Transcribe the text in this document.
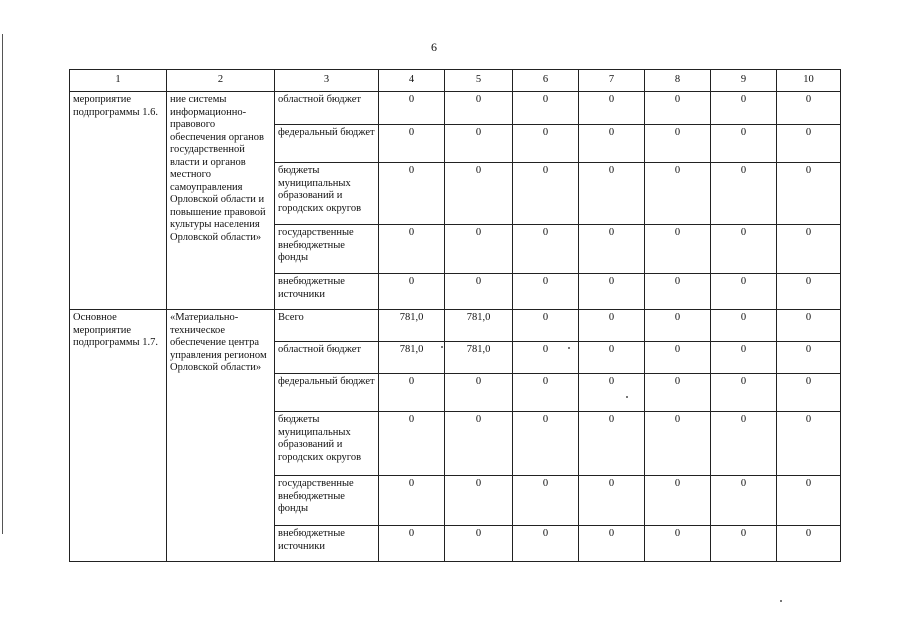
6
1	2	3	4	5	6	7	8	9	10
мероприятие подпрограммы 1.6.	ние системы информационно-правового обеспечения органов государственной власти и органов местного самоуправления Орловской области и повышение правовой культуры населения Орловской области»	областной бюджет	0	0	0	0	0	0	0
		федеральный бюджет	0	0	0	0	0	0	0
		бюджеты муниципальных образований и городских округов	0	0	0	0	0	0	0
		государственные внебюджетные фонды	0	0	0	0	0	0	0
		внебюджетные источники	0	0	0	0	0	0	0
Основное мероприятие подпрограммы 1.7.	«Материально-техническое обеспечение центра управления регионом Орловской области»	Всего	781,0	781,0	0	0	0	0	0
		областной бюджет	781,0	781,0	0	0	0	0	0
		федеральный бюджет	0	0	0	0	0	0	0
		бюджеты муниципальных образований и городских округов	0	0	0	0	0	0	0
		государственные внебюджетные фонды	0	0	0	0	0	0	0
		внебюджетные источники	0	0	0	0	0	0	0
